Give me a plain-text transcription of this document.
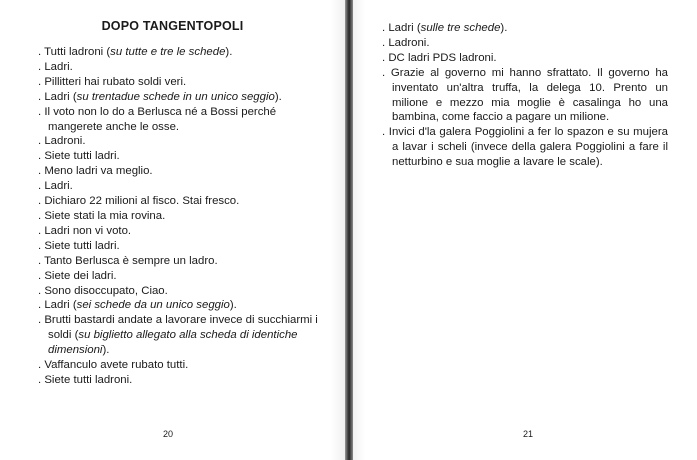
DOPO TANGENTOPOLI
. Tutti ladroni (su tutte e tre le schede).
. Ladri.
. Pillitteri hai rubato soldi veri.
. Ladri (su trentadue schede in un unico seggio).
. Il voto non lo do a Berlusca né a Bossi perché mangerete anche le osse.
. Ladroni.
. Siete tutti ladri.
. Meno ladri va meglio.
. Ladri.
. Dichiaro 22 milioni al fisco. Stai fresco.
. Siete stati la mia rovina.
. Ladri non vi voto.
. Siete tutti ladri.
. Tanto Berlusca è sempre un ladro.
. Siete dei ladri.
. Sono disoccupato, Ciao.
. Ladri (sei schede da un unico seggio).
. Brutti bastardi andate a lavorare invece di succhiarmi i soldi (su biglietto allegato alla scheda di identiche dimensioni).
. Vaffanculo avete rubato tutti.
. Siete tutti ladroni.
20
. Ladri (sulle tre schede).
. Ladroni.
. DC ladri PDS ladroni.
. Grazie al governo mi hanno sfrattato. Il governo ha inventato un'altra truffa, la delega 10. Prento un milione e mezzo mia moglie è casalinga ho una bambina, come faccio a pagare un milione.
. Invici d'la galera Poggiolini a fer lo spazon e su mujera a lavar i scheli (invece della galera Poggiolini a fare il netturbino e sua moglie a lavare le scale).
21
